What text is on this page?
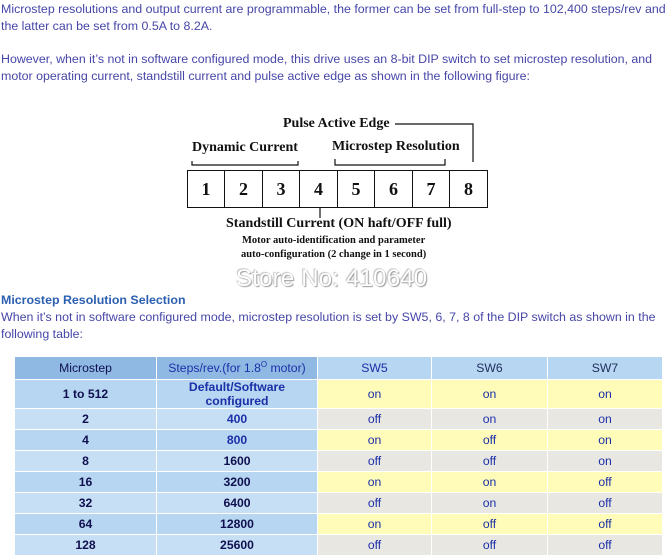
Microstep resolutions and output current are programmable, the former can be set from full-step to 102,400 steps/rev and the latter can be set from 0.5A to 8.2A.

However, when it’s not in software configured mode, this drive uses an 8-bit DIP switch to set microstep resolution, and motor operating current, standstill current and pulse active edge as shown in the following figure:

Pulse Active Edge
Dynamic Current Microstep Resolution
1	2	3	4	5	6	7	8
Standstill Current (ON haft/OFF full)
Motor auto-identification and parameter
auto-configuration (2 change in 1 second)
Store No: 410640
Microstep Resolution Selection

When it’s not in software configured mode, microstep resolution is set by SW5, 6, 7, 8 of the DIP switch as shown in the following table:

Microstep	Steps/rev.(for $1.8^O$ motor)	SW5	SW6	SW7
1 to 512	Default/Software configured	on	on	on
2	400	off	on	on
4	800	on	off	on
8	1600	off	off	on
16	3200	on	on	off
32	6400	off	on	off
64	12800	on	off	off
128	25600	off	off	off
